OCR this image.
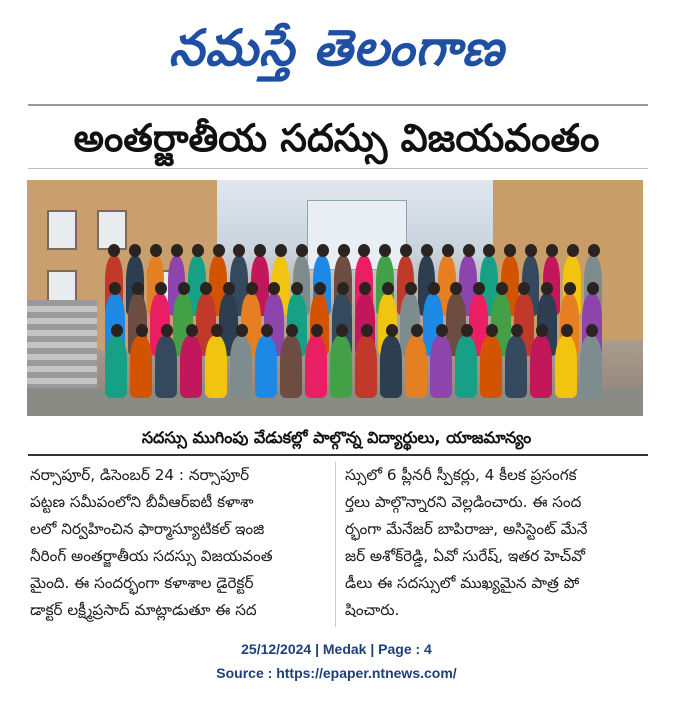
నమస్తే తెలంగాణ
అంతర్జాతీయ సదస్సు విజయవంతం
సదస్సు ముగింపు వేడుకల్లో పాల్గొన్న విద్యార్థులు, యాజమాన్యం
నర్సాపూర్, డిసెంబర్ 24 : నర్సాపూర్
పట్టణ సమీపంలోని బీవీఆర్ఐటీ కళాశా
లలో నిర్వహించిన ఫార్మాస్యూటికల్ ఇంజి
నీరింగ్ అంతర్జాతీయ సదస్సు విజయవంత
మైంది. ఈ సందర్భంగా కళాశాల డైరెక్టర్
డాక్టర్ లక్ష్మీప్రసాద్ మాట్లాడుతూ ఈ సద
స్సులో 6 ప్లీనరీ స్పీకర్లు, 4 కీలక ప్రసంగక
ర్తలు పాల్గొన్నారని వెల్లడించారు. ఈ సంద
ర్భంగా మేనేజర్ బాపిరాజు, అసిస్టెంట్ మేనే
జర్ అశోక్‌రెడ్డి, ఏవో సురేష్, ఇతర హెచ్‌వో
డీలు ఈ సదస్సులో ముఖ్యమైన పాత్ర పో
షించారు.
25/12/2024 | Medak | Page : 4
Source : https://epaper.ntnews.com/
